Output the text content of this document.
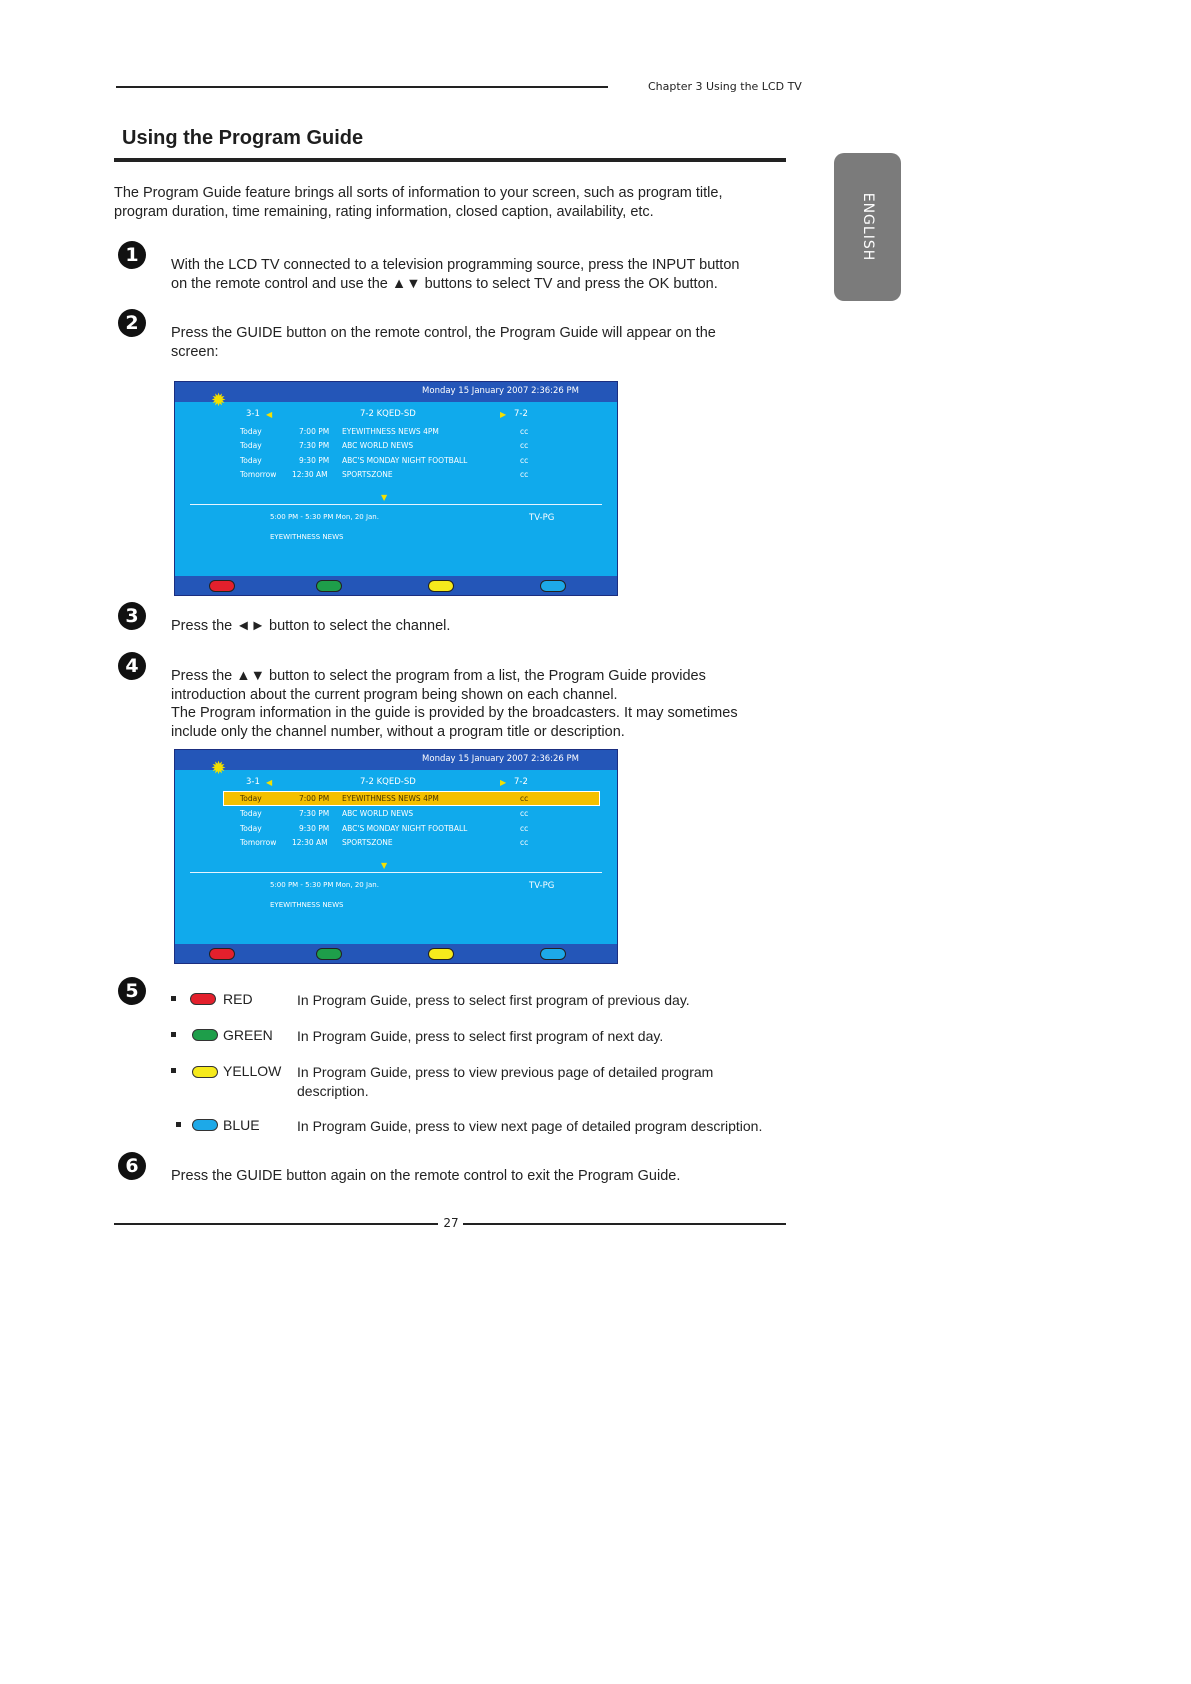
Chapter 3 Using the LCD TV
Using the Program Guide
ENGLISH
The Program Guide feature brings all sorts of information to your screen, such as program title,
program duration, time remaining, rating information, closed caption, availability, etc.
1	With the LCD TV connected to a television programming source, press the INPUT button
on the remote control and use the ▲▼ buttons to select TV and press the OK button.
2	Press the GUIDE button on the remote control, the Program Guide will appear on the
screen:
Monday 15 January 2007 2:36:26 PM
✹
3-1 ◀	7-2 KQED-SD	▶ 7-2
Today	7:00 PM EYEWITHNESS NEWS 4PM	cc
Today	7:30 PM ABC WORLD NEWS	cc
Today	9:30 PM ABC'S MONDAY NIGHT FOOTBALL	cc
Tomorrow 12:30 AM SPORTSZONE	cc
▼
5:00 PM - 5:30 PM Mon, 20 Jan.	TV-PG
EYEWITHNESS NEWS
3	Press the ◄► button to select the channel.
4	Press the ▲▼ button to select the program from a list, the Program Guide provides
introduction about the current program being shown on each channel.
The Program information in the guide is provided by the broadcasters. It may sometimes
include only the channel number, without a program title or description.
Monday 15 January 2007 2:36:26 PM
✹
3-1 ◀	7-2 KQED-SD	▶ 7-2
Today	7:00 PM EYEWITHNESS NEWS 4PM	cc
Today	7:30 PM ABC WORLD NEWS	cc
Today	9:30 PM ABC'S MONDAY NIGHT FOOTBALL	cc
Tomorrow 12:30 AM SPORTSZONE	cc
▼
5:00 PM - 5:30 PM Mon, 20 Jan.	TV-PG
EYEWITHNESS NEWS
5	RED	In Program Guide, press to select first program of previous day.
GREEN In Program Guide, press to select first program of next day.
YELLOW In Program Guide, press to view previous page of detailed program
description.
BLUE	In Program Guide, press to view next page of detailed program description.
6	Press the GUIDE button again on the remote control to exit the Program Guide.
27
